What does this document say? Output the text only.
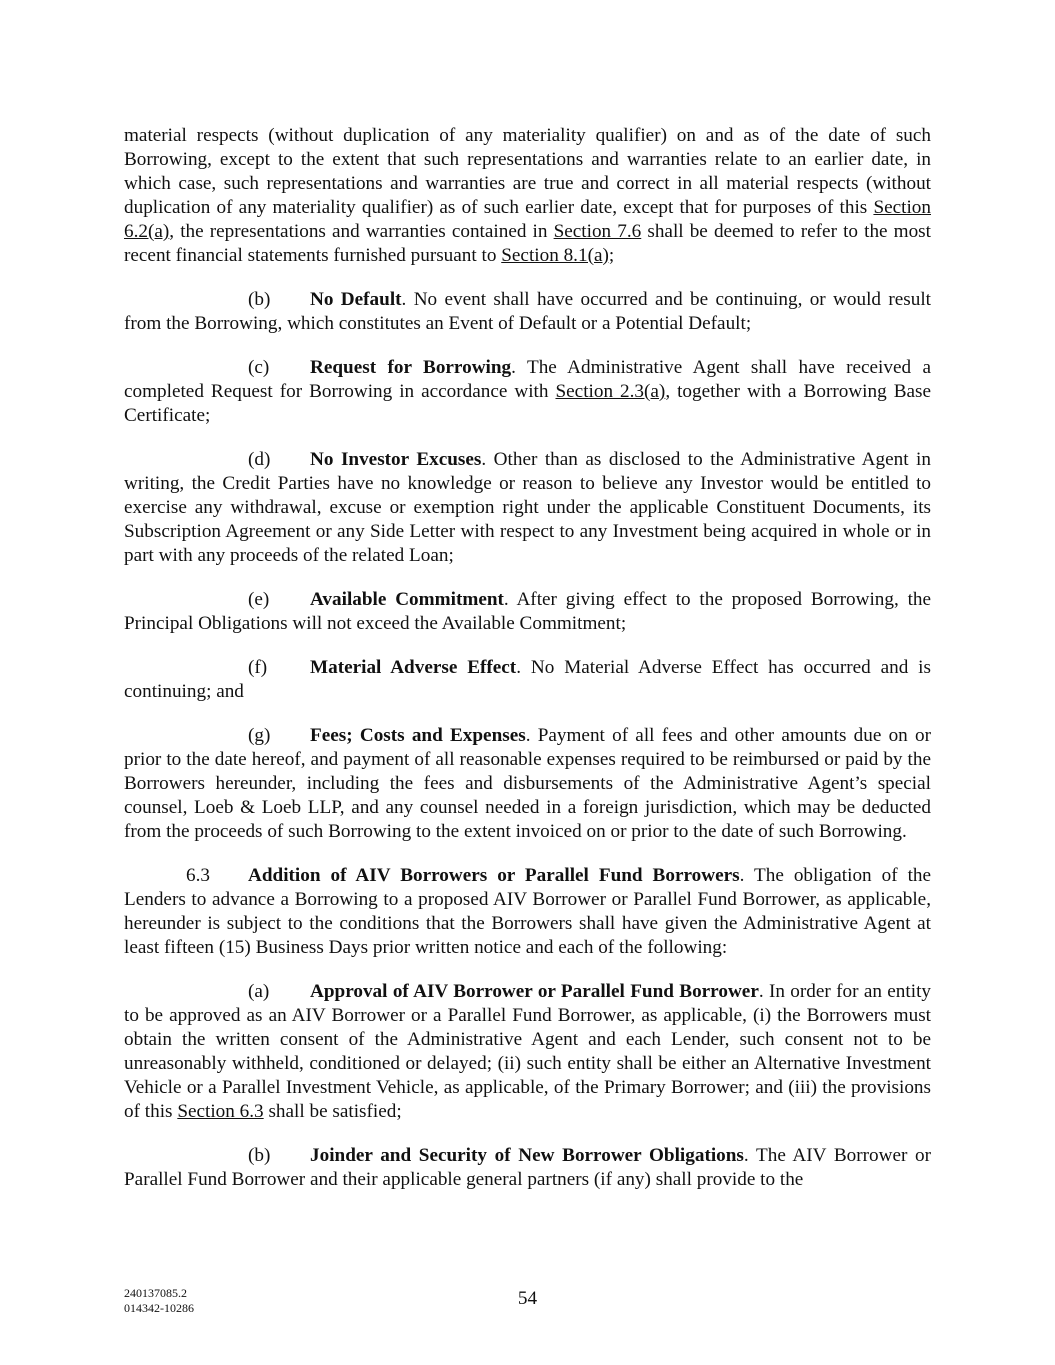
material respects (without duplication of any materiality qualifier) on and as of the date of such Borrowing, except to the extent that such representations and warranties relate to an earlier date, in which case, such representations and warranties are true and correct in all material respects (without duplication of any materiality qualifier) as of such earlier date, except that for purposes of this Section 6.2(a), the representations and warranties contained in Section 7.6 shall be deemed to refer to the most recent financial statements furnished pursuant to Section 8.1(a);

(b) No Default. No event shall have occurred and be continuing, or would result from the Borrowing, which constitutes an Event of Default or a Potential Default;

(c) Request for Borrowing. The Administrative Agent shall have received a completed Request for Borrowing in accordance with Section 2.3(a), together with a Borrowing Base Certificate;

(d) No Investor Excuses. Other than as disclosed to the Administrative Agent in writing, the Credit Parties have no knowledge or reason to believe any Investor would be entitled to exercise any withdrawal, excuse or exemption right under the applicable Constituent Documents, its Subscription Agreement or any Side Letter with respect to any Investment being acquired in whole or in part with any proceeds of the related Loan;

(e) Available Commitment. After giving effect to the proposed Borrowing, the Principal Obligations will not exceed the Available Commitment;

(f) Material Adverse Effect. No Material Adverse Effect has occurred and is continuing; and

(g) Fees; Costs and Expenses. Payment of all fees and other amounts due on or prior to the date hereof, and payment of all reasonable expenses required to be reimbursed or paid by the Borrowers hereunder, including the fees and disbursements of the Administrative Agent’s special counsel, Loeb & Loeb LLP, and any counsel needed in a foreign jurisdiction, which may be deducted from the proceeds of such Borrowing to the extent invoiced on or prior to the date of such Borrowing.

6.3 Addition of AIV Borrowers or Parallel Fund Borrowers. The obligation of the Lenders to advance a Borrowing to a proposed AIV Borrower or Parallel Fund Borrower, as applicable, hereunder is subject to the conditions that the Borrowers shall have given the Administrative Agent at least fifteen (15) Business Days prior written notice and each of the following:

(a) Approval of AIV Borrower or Parallel Fund Borrower. In order for an entity to be approved as an AIV Borrower or a Parallel Fund Borrower, as applicable, (i) the Borrowers must obtain the written consent of the Administrative Agent and each Lender, such consent not to be unreasonably withheld, conditioned or delayed; (ii) such entity shall be either an Alternative Investment Vehicle or a Parallel Investment Vehicle, as applicable, of the Primary Borrower; and (iii) the provisions of this Section 6.3 shall be satisfied;

(b) Joinder and Security of New Borrower Obligations. The AIV Borrower or Parallel Fund Borrower and their applicable general partners (if any) shall provide to the

240137085.2
014342-10286	54
